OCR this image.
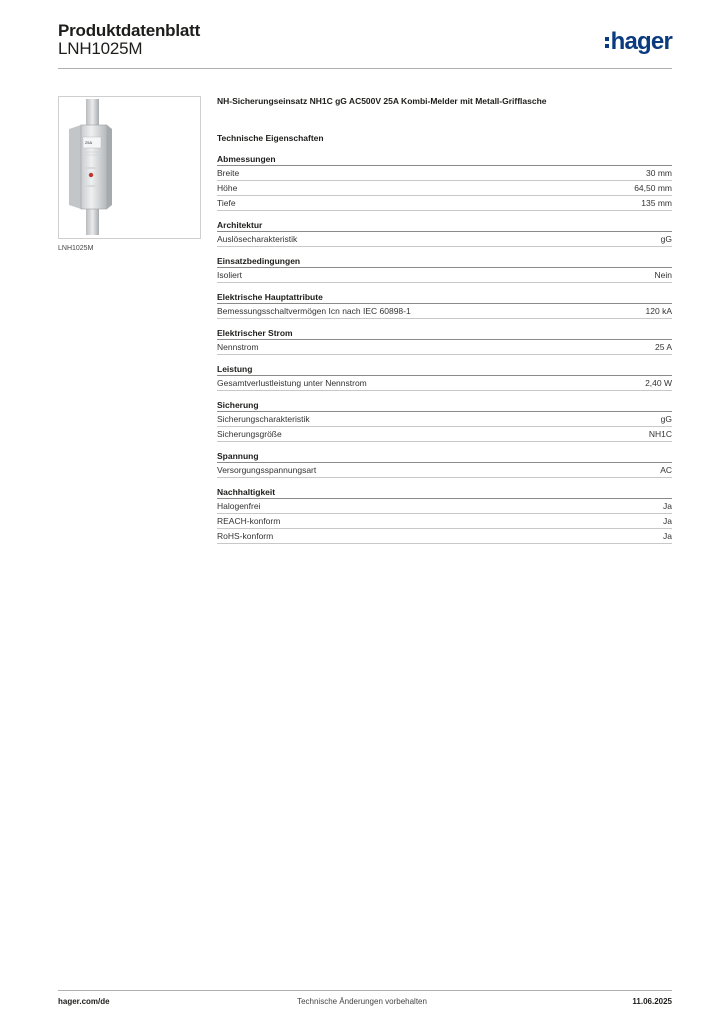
Produktdatenblatt
LNH1025M	hager
25A
LNH1025M
NH-Sicherungseinsatz NH1C gG AC500V 25A Kombi-Melder mit Metall-Grifflasche
Technische Eigenschaften
Abmessungen
Breite	30 mm
Höhe	64,50 mm
Tiefe	135 mm
Architektur
Auslösecharakteristik	gG
Einsatzbedingungen
Isoliert	Nein
Elektrische Hauptattribute
Bemessungsschaltvermögen Icn nach IEC 60898-1	120 kA
Elektrischer Strom
Nennstrom	25 A
Leistung
Gesamtverlustleistung unter Nennstrom	2,40 W
Sicherung
Sicherungscharakteristik	gG
Sicherungsgröße	NH1C
Spannung
Versorgungsspannungsart	AC
Nachhaltigkeit
Halogenfrei	Ja
REACH-konform	Ja
RoHS-konform	Ja
hager.com/de	Technische Änderungen vorbehalten	11.06.2025
